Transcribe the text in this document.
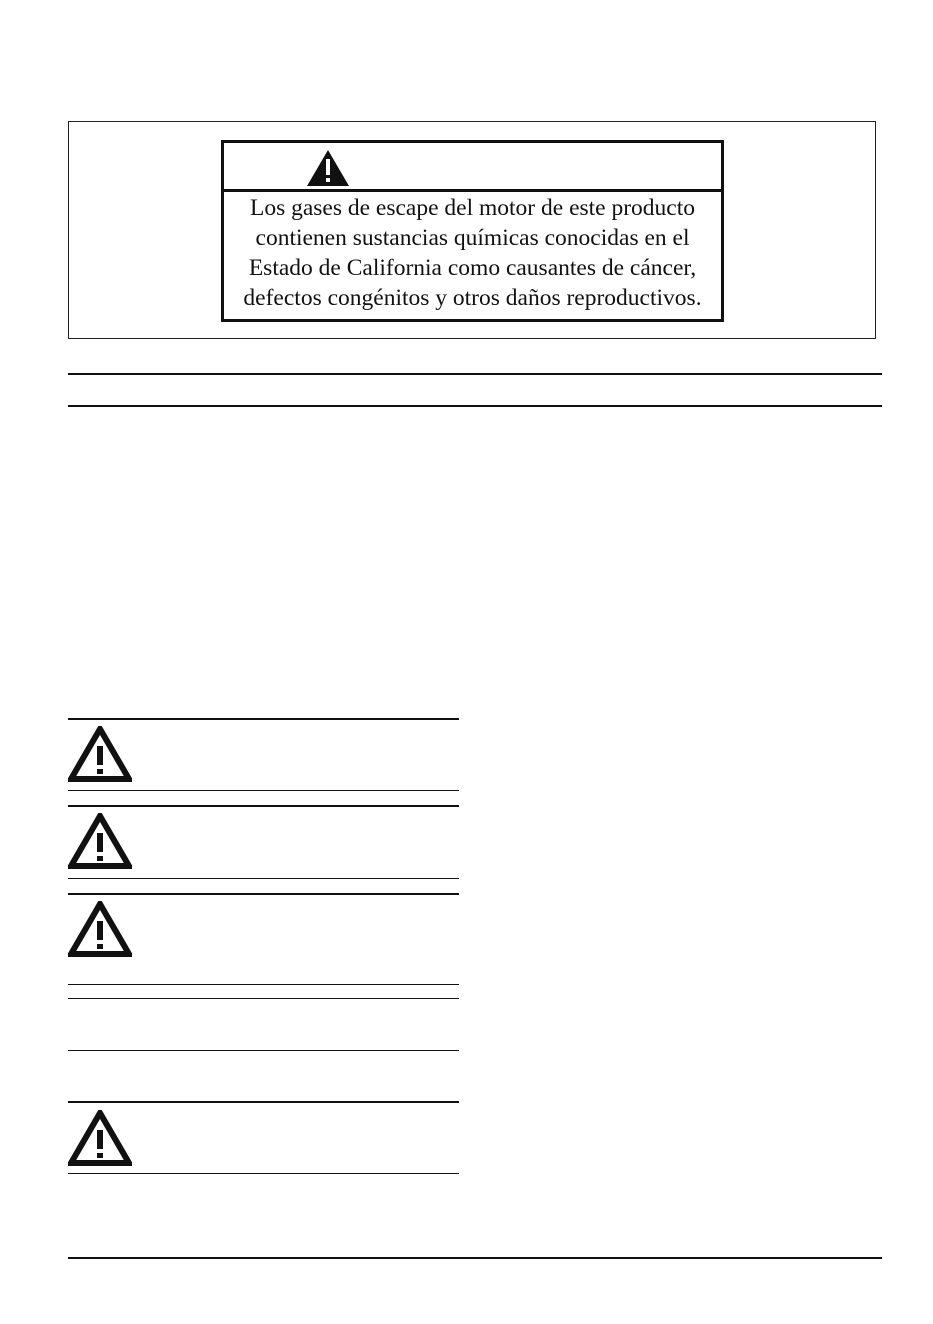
Los gases de escape del motor de este producto
contienen sustancias químicas conocidas en el
Estado de California como causantes de cáncer,
defectos congénitos y otros daños reproductivos.
